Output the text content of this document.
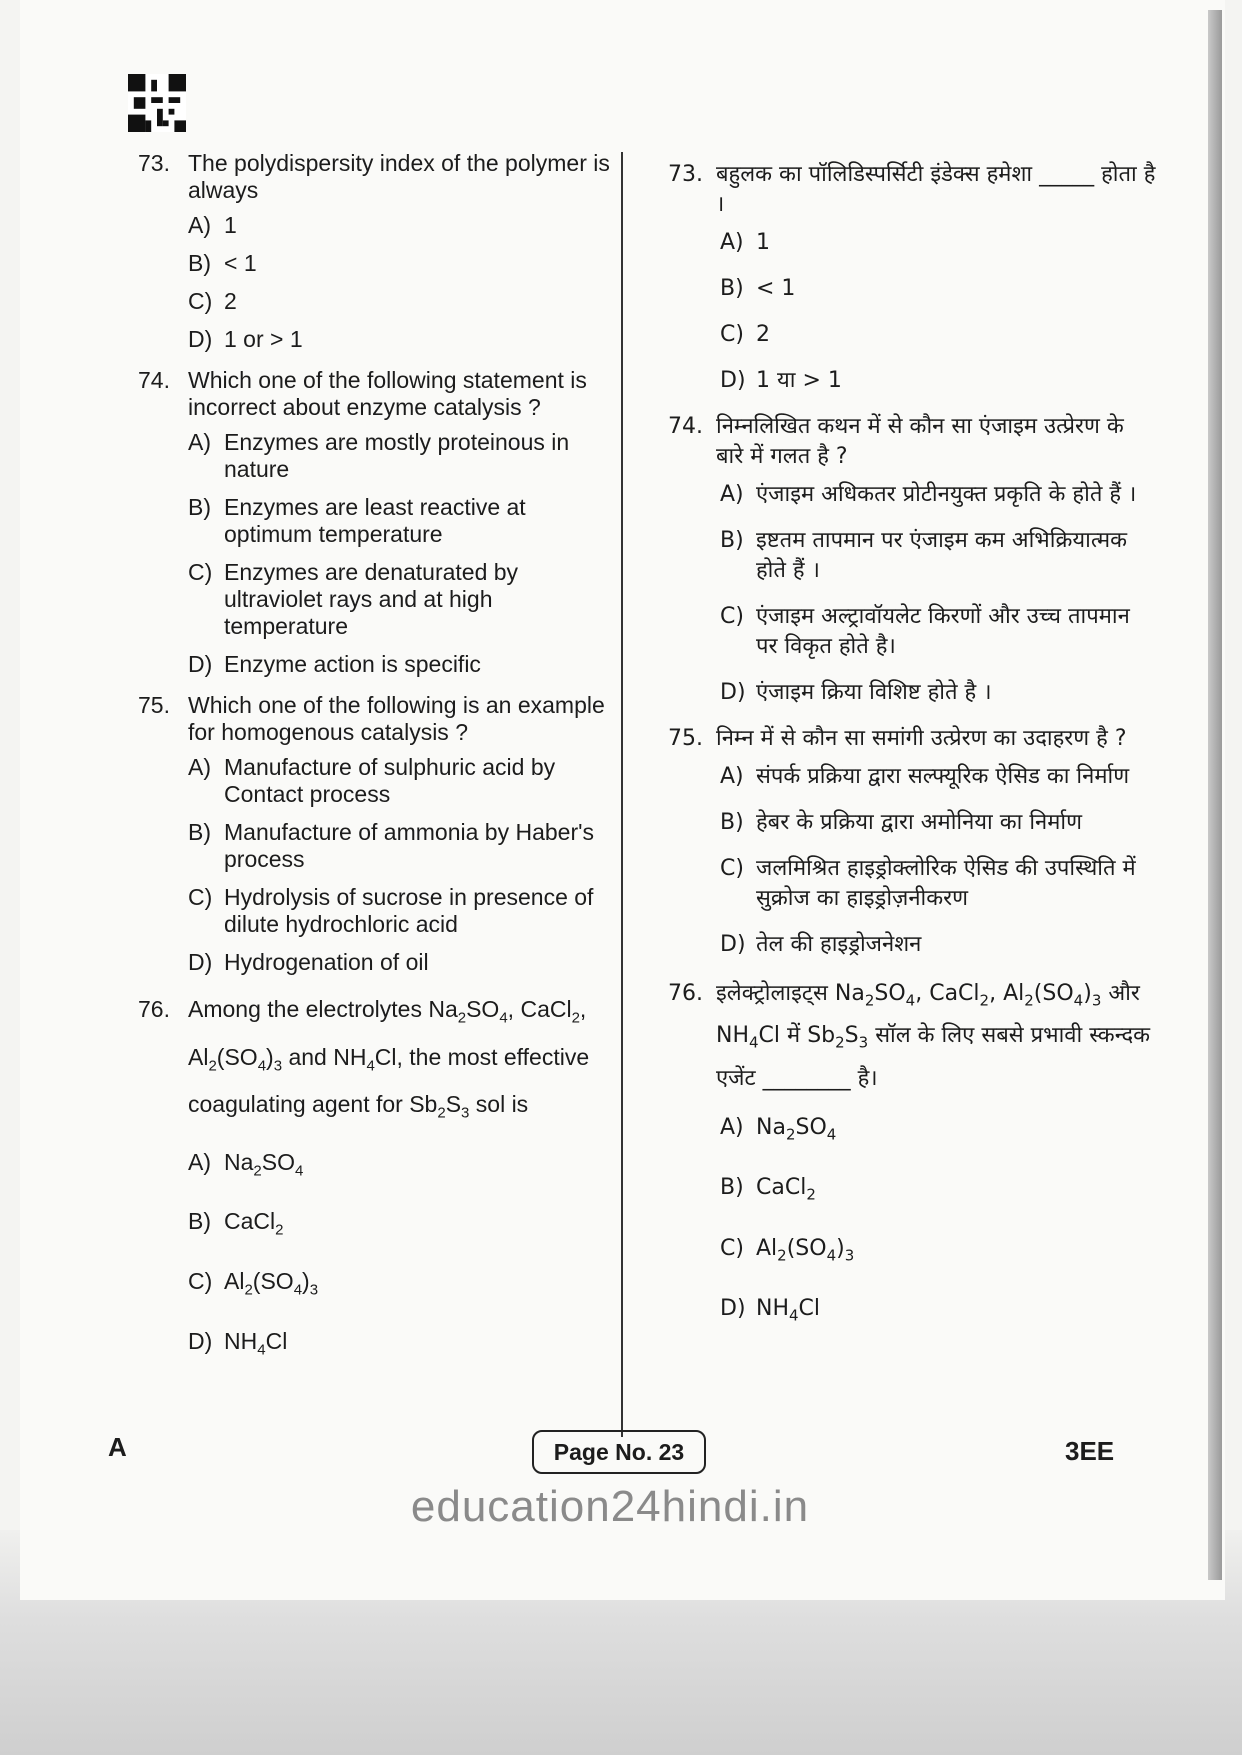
73. The polydispersity index of the polymer is always
A) 1
B) < 1
C) 2
D) 1 or > 1
74. Which one of the following statement is incorrect about enzyme catalysis ?
A) Enzymes are mostly proteinous in nature
B) Enzymes are least reactive at optimum temperature
C) Enzymes are denaturated by ultraviolet rays and at high temperature
D) Enzyme action is specific
75. Which one of the following is an example for homogenous catalysis ?
A) Manufacture of sulphuric acid by Contact process
B) Manufacture of ammonia by Haber's process
C) Hydrolysis of sucrose in presence of dilute hydrochloric acid
D) Hydrogenation of oil
76. Among the electrolytes $Na_2SO_4$, CaCl$_2$, $Al_2(SO_4)_3$ and $NH_4Cl$, the most effective coagulating agent for $Sb_2S_3$ sol is
A) $Na_2SO_4$
B) CaCl$_2$
C) $Al_2(SO_4)_3$
D) $NH_4Cl$
73. बहुलक का पॉलिडिस्पर्सिटी इंडेक्स हमेशा _____ होता है ।
A) 1
B) < 1
C) 2
D) 1 या > 1
74. निम्नलिखित कथन में से कौन सा एंजाइम उत्प्रेरण के बारे में गलत है ?
A) एंजाइम अधिकतर प्रोटीनयुक्त प्रकृति के होते हैं ।
B) इष्टतम तापमान पर एंजाइम कम अभिक्रियात्मक होते हैं ।
C) एंजाइम अल्ट्रावॉयलेट किरणों और उच्च तापमान पर विकृत होते है।
D) एंजाइम क्रिया विशिष्ट होते है ।
75. निम्न में से कौन सा समांगी उत्प्रेरण का उदाहरण है ?
A) संपर्क प्रक्रिया द्वारा सल्फ्यूरिक ऐसिड का निर्माण
B) हेबर के प्रक्रिया द्वारा अमोनिया का निर्माण
C) जलमिश्रित हाइड्रोक्लोरिक ऐसिड की उपस्थिति में सुक्रोज का हाइड्रोज़नीकरण
D) तेल की हाइड्रोजनेशन
76. इलेक्ट्रोलाइट्स $Na_2SO_4$, CaCl$_2$, $Al_2(SO_4)_3$ और $NH_4Cl$ में $Sb_2S_3$ सॉल के लिए सबसे प्रभावी स्कन्दक एजेंट ________ है।
A) $Na_2SO_4$
B) CaCl$_2$
C) $Al_2(SO_4)_3$
D) $NH_4Cl$
A	Page No. 23	3EE
education24hindi.in
